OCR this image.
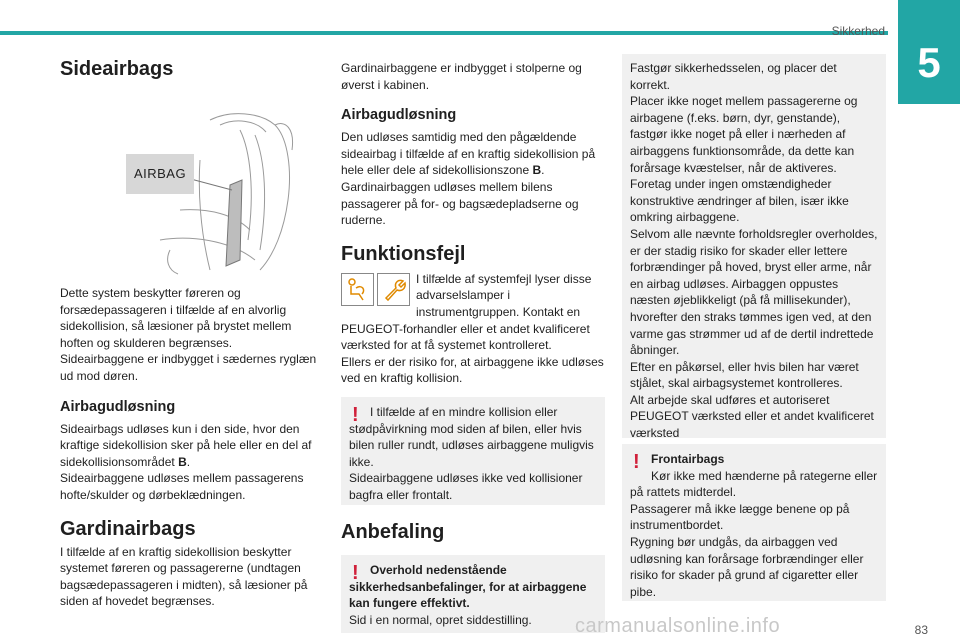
Sikkerhed
5
Sideairbags
AIRBAG

Dette system beskytter føreren og forsædepassageren i tilfælde af en alvorlig sidekollision, så læsioner på brystet mellem hoften og skulderen begrænses.

Sideairbaggene er indbygget i sædernes ryglæn ud mod døren.

Airbagudløsning

Sideairbags udløses kun i den side, hvor den kraftige sidekollision sker på hele eller en del af sidekollisionsområdet B.

Sideairbaggene udløses mellem passagerens hofte/skulder og dørbeklædningen.

Gardinairbags

I tilfælde af en kraftig sidekollision beskytter systemet føreren og passagererne (undtagen bagsædepassageren i midten), så læsioner på siden af hovedet begrænses.

Gardinairbaggene er indbygget i stolperne og øverst i kabinen.

Airbagudløsning

Den udløses samtidig med den pågældende sideairbag i tilfælde af en kraftig sidekollision på hele eller dele af sidekollisionszone B.

Gardinairbaggen udløses mellem bilens passagerer på for- og bagsædepladserne og ruderne.

Funktionsfejl

I tilfælde af systemfejl lyser disse advarselslamper i instrumentgruppen. Kontakt en PEUGEOT-forhandler eller et andet kvalificeret værksted for at få systemet kontrolleret.

Ellers er der risiko for, at airbaggene ikke udløses ved en kraftig kollision.

! I tilfælde af en mindre kollision eller stødpåvirkning mod siden af bilen, eller hvis bilen ruller rundt, udløses airbaggene muligvis ikke.

Sideairbaggene udløses ikke ved kollisioner bagfra eller frontalt.

Anbefaling
! Overhold nedenstående sikkerhedsanbefalinger, for at airbaggene kan fungere effektivt.

Sid i en normal, opret siddestilling.

Fastgør sikkerhedsselen, og placer det korrekt.

Placer ikke noget mellem passagererne og airbagene (f.eks. børn, dyr, genstande), fastgør ikke noget på eller i nærheden af airbaggens funktionsområde, da dette kan forårsage kvæstelser, når de aktiveres.

Foretag under ingen omstændigheder konstruktive ændringer af bilen, især ikke omkring airbaggene.

Selvom alle nævnte forholdsregler overholdes, er der stadig risiko for skader eller lettere forbrændinger på hoved, bryst eller arme, når en airbag udløses. Airbaggen oppustes næsten øjeblikkeligt (på få millisekunder), hvorefter den straks tømmes igen ved, at den varme gas strømmer ud af de dertil indrettede åbninger.

Efter en påkørsel, eller hvis bilen har været stjålet, skal airbagsystemet kontrolleres.

Alt arbejde skal udføres et autoriseret PEUGEOT værksted eller et andet kvalificeret værksted

! Frontairbags

Kør ikke med hænderne på rategerne eller på rattets midterdel.

Passagerer må ikke lægge benene op på instrumentbordet.

Rygning bør undgås, da airbaggen ved udløsning kan forårsage forbrændinger eller risiko for skader på grund af cigaretter eller pibe.

carmanualsonline.info	83
